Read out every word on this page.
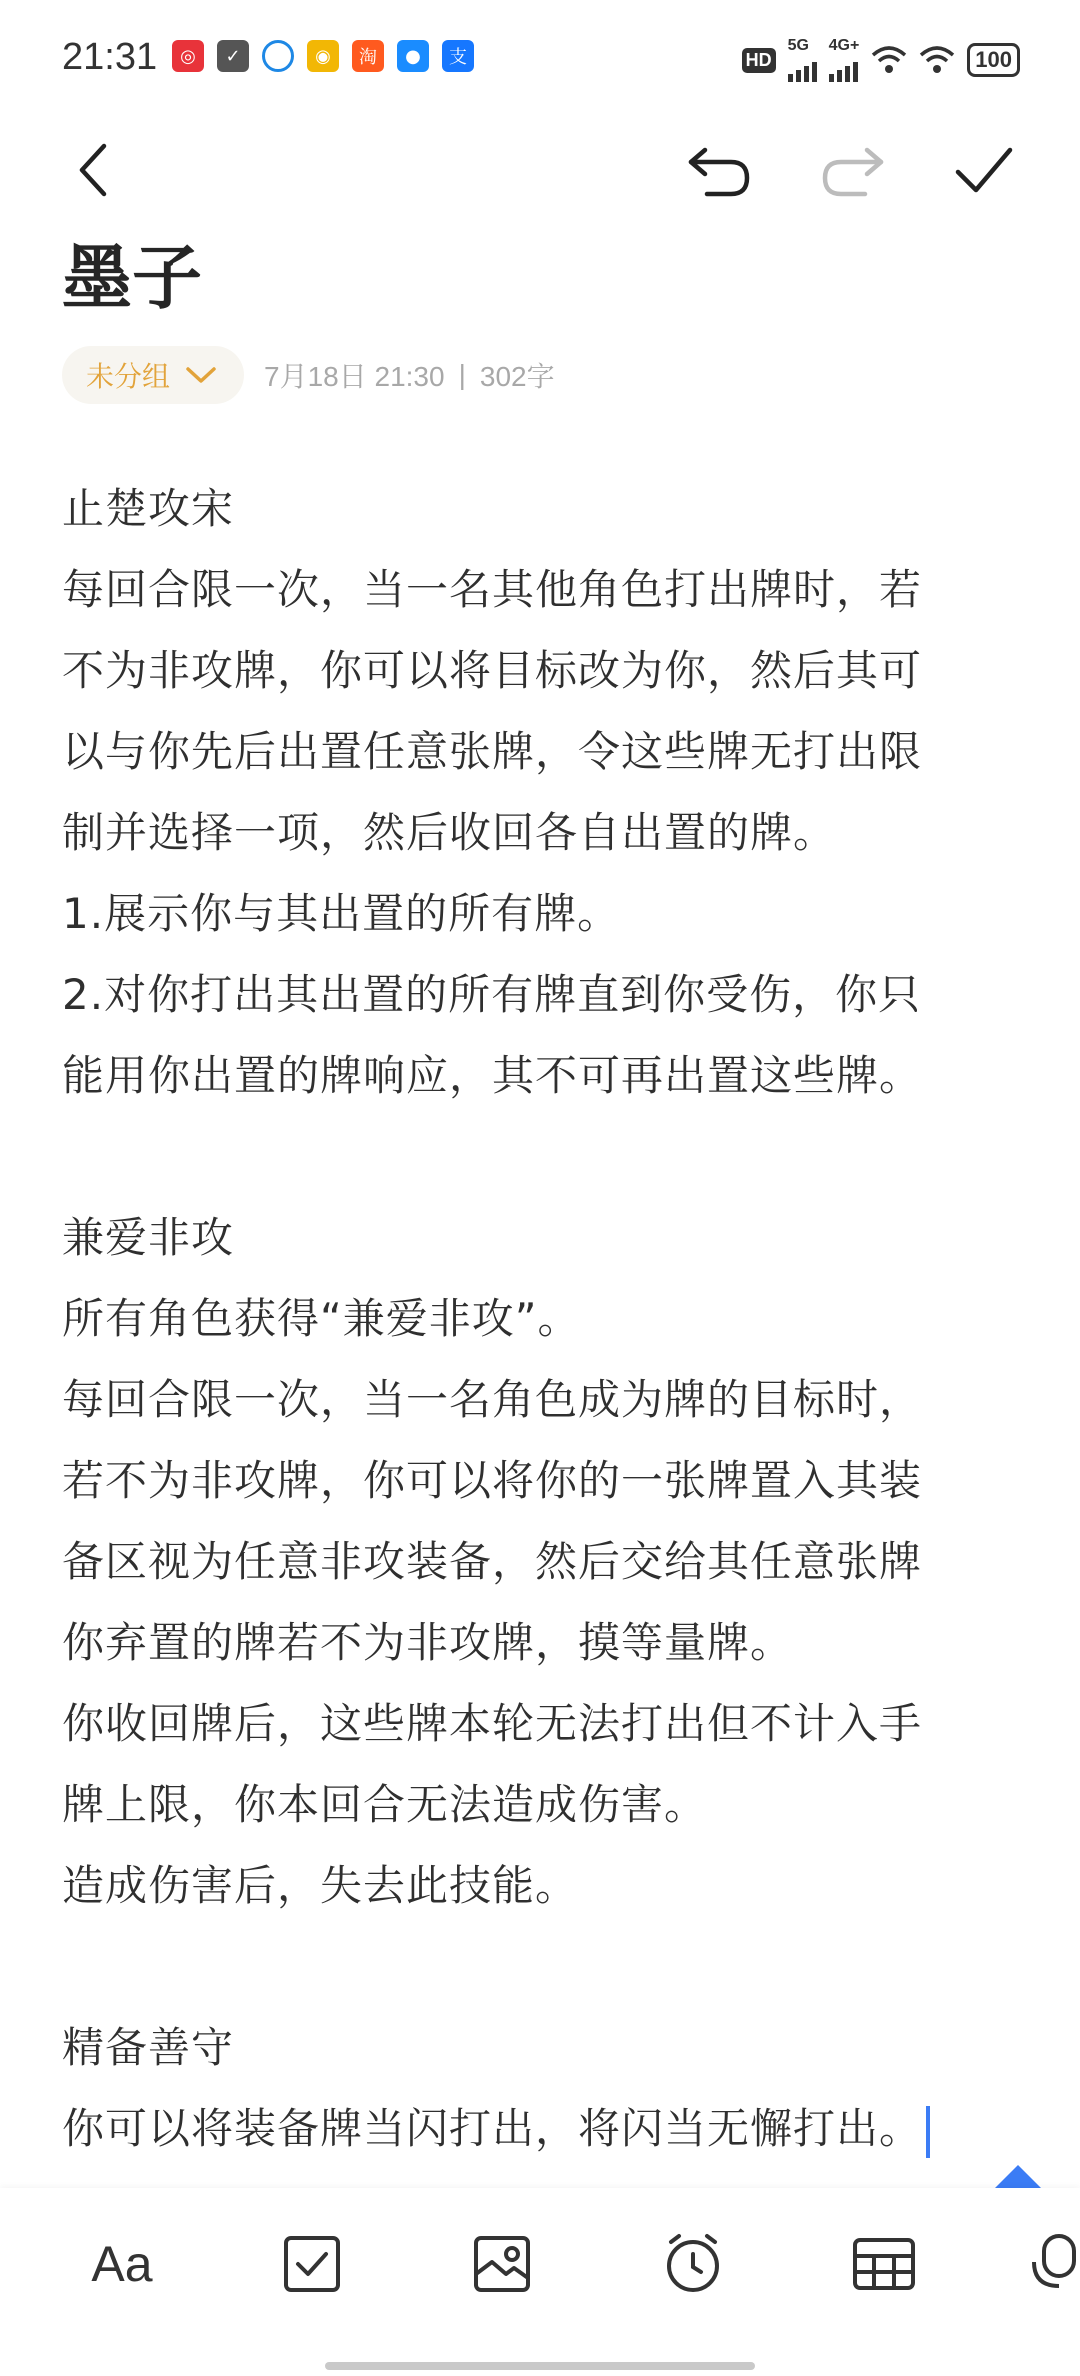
21:31	◎	✓	◉	淘	●	支	HD
5G 4G+
100
墨子
未分组	7月18日 21:30 | 302字
止楚攻宋
每回合限一次，当一名其他角色打出牌时，若
不为非攻牌，你可以将目标改为你，然后其可
以与你先后出置任意张牌，令这些牌无打出限
制并选择一项，然后收回各自出置的牌。
1.展示你与其出置的所有牌。
2.对你打出其出置的所有牌直到你受伤，你只
能用你出置的牌响应，其不可再出置这些牌。
兼爱非攻
所有角色获得“兼爱非攻”。
每回合限一次，当一名角色成为牌的目标时，
若不为非攻牌，你可以将你的一张牌置入其装
备区视为任意非攻装备，然后交给其任意张牌
你弃置的牌若不为非攻牌，摸等量牌。
你收回牌后，这些牌本轮无法打出但不计入手
牌上限，你本回合无法造成伤害。
造成伤害后，失去此技能。
精备善守
你可以将装备牌当闪打出，将闪当无懈打出。
Aa
